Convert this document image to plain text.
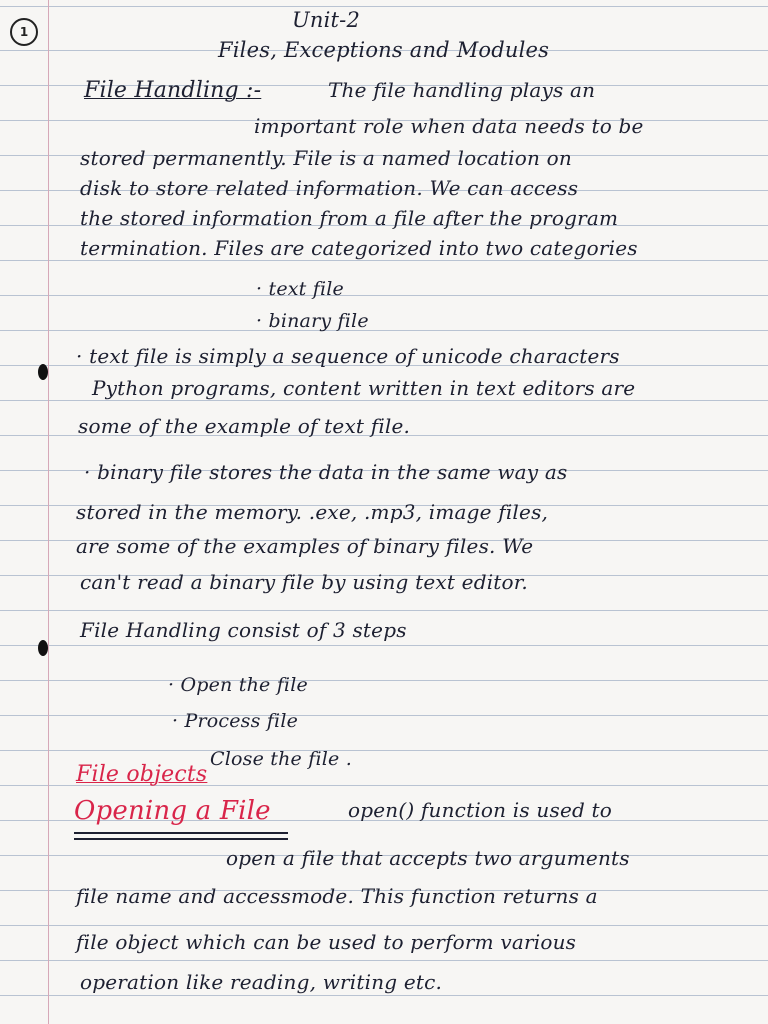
1	Unit-2
Files, Exceptions and Modules
File Handling :-	The file handling plays an
important role when data needs to be
stored permanently. File is a named location on
disk to store related information. We can access
the stored information from a file after the program
termination. Files are categorized into two categories
· text file
· binary file
· text file is simply a sequence of unicode characters
Python programs, content written in text editors are
some of the example of text file.
· binary file stores the data in the same way as
stored in the memory. .exe, .mp3, image files,
are some of the examples of binary files. We
can't read a binary file by using text editor.
File Handling consist of 3 steps
· Open the file
· Process file
Close the file .
File objects
Opening a File	open() function is used to
open a file that accepts two arguments
file name and accessmode. This function returns a
file object which can be used to perform various
operation like reading, writing etc.
